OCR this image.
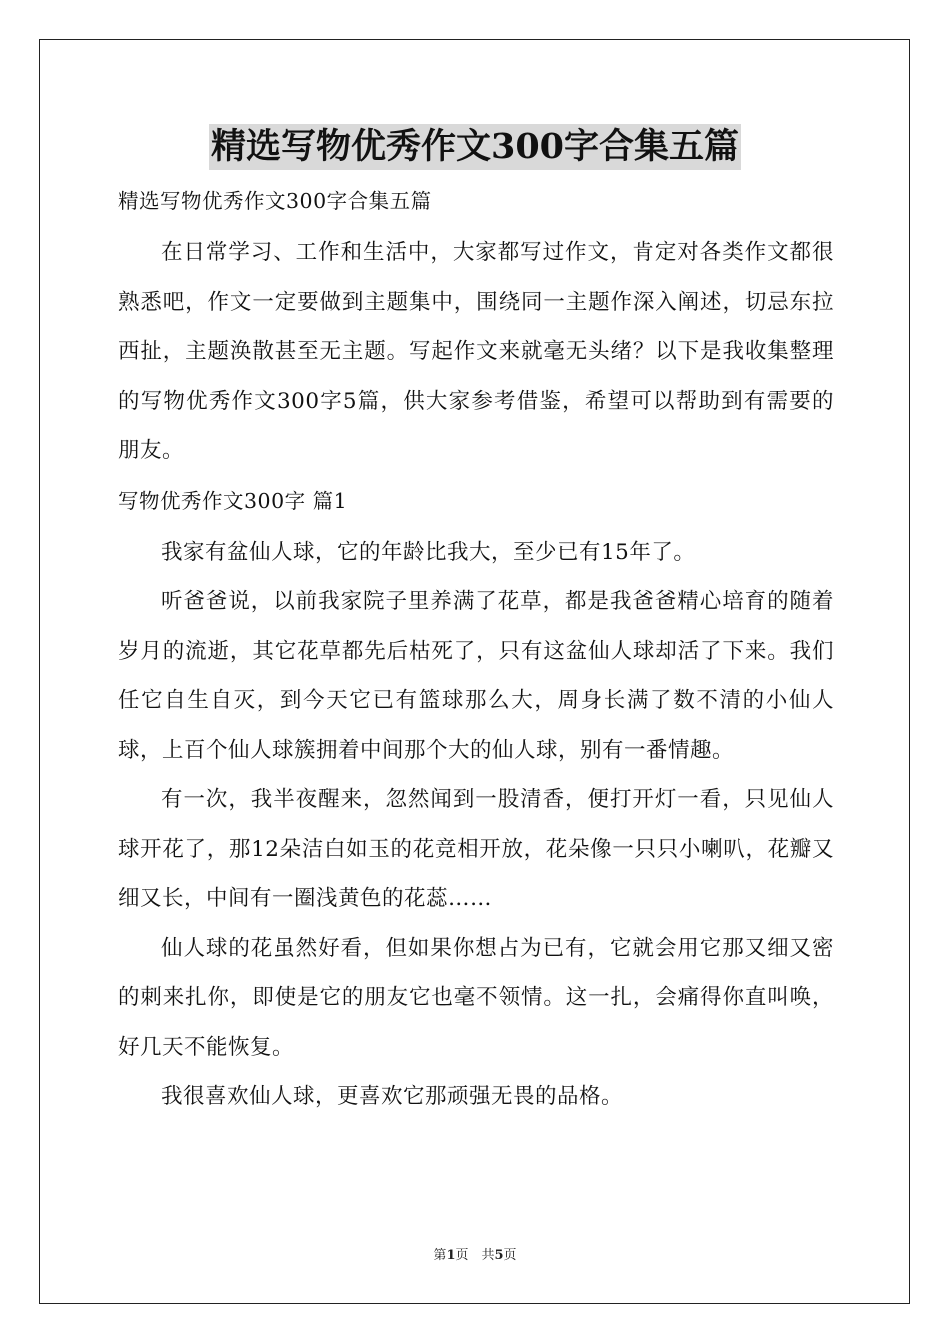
精选写物优秀作文300字合集五篇

精选写物优秀作文300字合集五篇

在日常学习、工作和生活中，大家都写过作文，肯定对各类作文都很熟悉吧，作文一定要做到主题集中，围绕同一主题作深入阐述，切忌东拉西扯，主题涣散甚至无主题。写起作文来就毫无头绪？以下是我收集整理的写物优秀作文300字5篇，供大家参考借鉴，希望可以帮助到有需要的朋友。

写物优秀作文300字 篇1

我家有盆仙人球，它的年龄比我大，至少已有15年了。

听爸爸说，以前我家院子里养满了花草，都是我爸爸精心培育的随着岁月的流逝，其它花草都先后枯死了，只有这盆仙人球却活了下来。我们任它自生自灭，到今天它已有篮球那么大，周身长满了数不清的小仙人球，上百个仙人球簇拥着中间那个大的仙人球，别有一番情趣。

有一次，我半夜醒来，忽然闻到一股清香，便打开灯一看，只见仙人球开花了，那12朵洁白如玉的花竞相开放，花朵像一只只小喇叭，花瓣又细又长，中间有一圈浅黄色的花蕊……

仙人球的花虽然好看，但如果你想占为已有，它就会用它那又细又密的刺来扎你，即使是它的朋友它也毫不领情。这一扎，会痛得你直叫唤，好几天不能恢复。

我很喜欢仙人球，更喜欢它那顽强无畏的品格。

第1页　共5页
